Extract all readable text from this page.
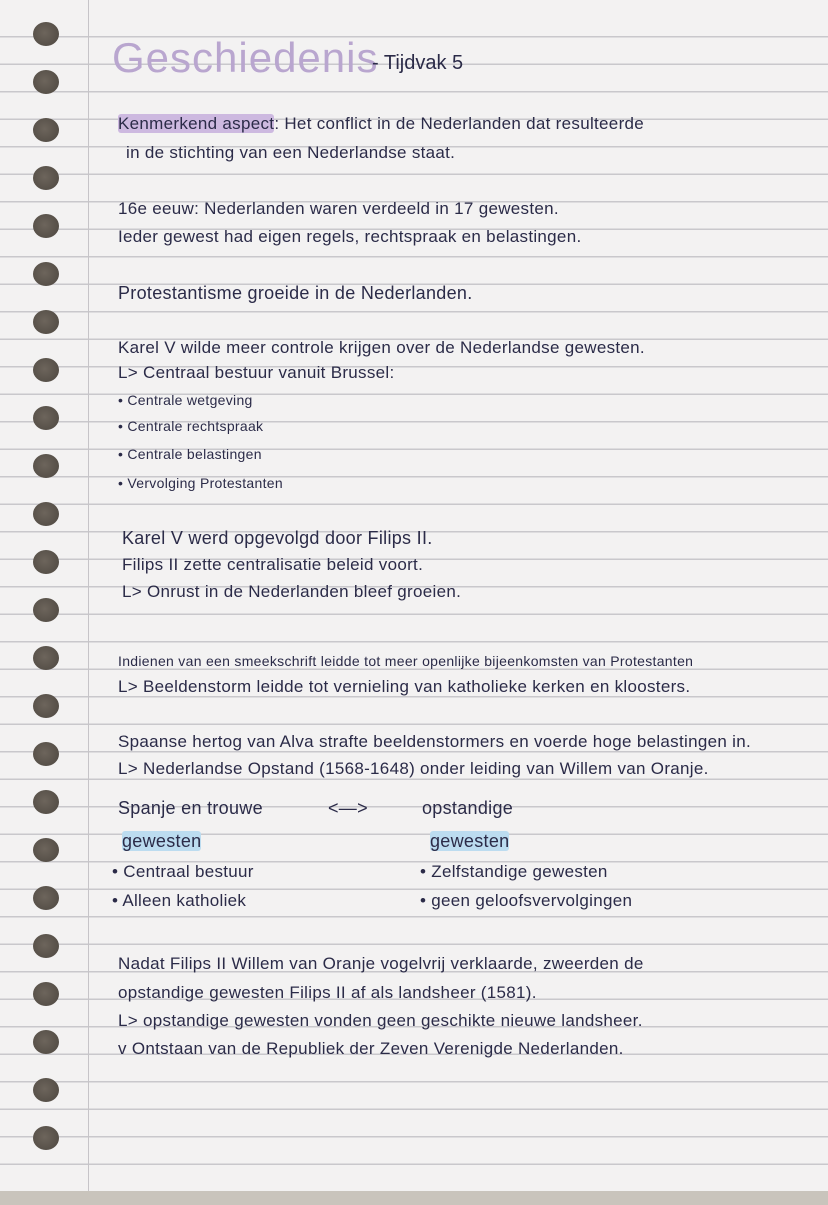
Geschiedenis
- Tijdvak 5
Kenmerkend aspect: Het conflict in de Nederlanden dat resulteerde
in de stichting van een Nederlandse staat.
16e eeuw: Nederlanden waren verdeeld in 17 gewesten.
Ieder gewest had eigen regels, rechtspraak en belastingen.
Protestantisme groeide in de Nederlanden.
Karel V wilde meer controle krijgen over de Nederlandse gewesten.
L> Centraal bestuur vanuit Brussel:
• Centrale wetgeving
• Centrale rechtspraak
• Centrale belastingen
• Vervolging Protestanten
Karel V werd opgevolgd door Filips II.
Filips II zette centralisatie beleid voort.
L> Onrust in de Nederlanden bleef groeien.
Indienen van een smeekschrift leidde tot meer openlijke bijeenkomsten van Protestanten
L> Beeldenstorm leidde tot vernieling van katholieke kerken en kloosters.
Spaanse hertog van Alva strafte beeldenstormers en voerde hoge belastingen in.
L> Nederlandse Opstand (1568-1648) onder leiding van Willem van Oranje.
Spanje en trouwe	<—>	opstandige
gewesten	gewesten
• Centraal bestuur
• Alleen katholiek
• Zelfstandige gewesten
• geen geloofsvervolgingen
Nadat Filips II Willem van Oranje vogelvrij verklaarde, zweerden de
opstandige gewesten Filips II af als landsheer (1581).
L> opstandige gewesten vonden geen geschikte nieuwe landsheer.
v Ontstaan van de Republiek der Zeven Verenigde Nederlanden.
